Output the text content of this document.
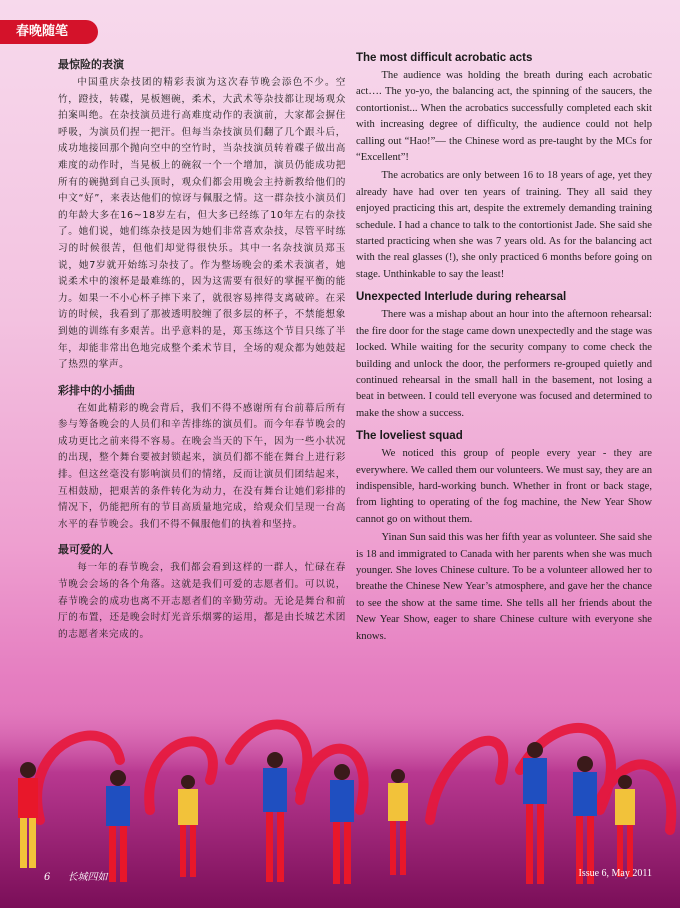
春晚随笔
最惊险的表演

中国重庆杂技团的精彩表演为这次春节晚会添色不少。空竹，蹬技，转碟，晃板翘碗，柔术，大武术等杂技都让现场观众拍案叫绝。在杂技演员进行高难度动作的表演前，大家都会摒住呼吸，为演员们捏一把汗。但每当杂技演员们翻了几个跟斗后，成功地接回那个抛向空中的空竹时，当杂技演员转着碟子做出高难度的动作时，当晃板上的碗叙一个一个增加，演员仍能成功把所有的碗抛到自己头顶时，观众们都会用晚会主持新教给他们的中文“好”，来表达他们的惊讶与佩服之情。这一群杂技小演员们的年龄大多在16~18岁左右，但大多已经练了10年左右的杂技了。她们说，她们练杂技是因为她们非常喜欢杂技，尽管平时练习的时候很苦，但他们却觉得很快乐。其中一名杂技演员郑玉说，她7岁就开始练习杂技了。作为整场晚会的柔术表演者，她说柔术中的滚杯是最难练的，因为这需要有很好的掌握平衡的能力。如果一不小心杯子摔下来了，就很容易摔得支离破碎。在采访的时候，我看到了那被透明胶缠了很多层的杯子，不禁能想象到她的训练有多艰苦。出乎意料的是，郑玉练这个节目只练了半年，却能非常出色地完成整个柔术节目，全场的观众都为她鼓起了热烈的掌声。

彩排中的小插曲

在如此精彩的晚会背后，我们不得不感谢所有台前幕后所有参与筹备晚会的人员们和辛苦排练的演员们。而今年春节晚会的成功更比之前来得不容易。在晚会当天的下午，因为一些小状况的出现，整个舞台要被封锁起来，演员们都不能在舞台上进行彩排。但这丝毫没有影响演员们的情绪，反而让演员们团结起来，互相鼓励，把艰苦的条件转化为动力，在没有舞台让她们彩排的情况下，仍能把所有的节目高质量地完成，给观众们呈现一台高水平的春节晚会。我们不得不佩服他们的执着和坚持。

最可爱的人

每一年的春节晚会，我们都会看到这样的一群人，忙碌在春节晚会会场的各个角落。这就是我们可爱的志愿者们。可以说，春节晚会的成功也离不开志愿者们的辛勤劳动。无论是舞台和前厅的布置，还是晚会时灯光音乐烟雾的运用，都是由长城艺术团的志愿者来完成的。

The most difficult acrobatic acts

The audience was holding the breath during each acrobatic act…. The yo-yo, the balancing act, the spinning of the saucers, the contortionist... When the acrobatics successfully completed each skit with increasing degree of difficulty, the audience could not help calling out “Hao!”— the Chinese word as pre-taught by the MCs for “Excellent”!

The acrobatics are only between 16 to 18 years of age, yet they already have had over ten years of training. They all said they enjoyed practicing this art, despite the extremely demanding training schedule. I had a chance to talk to the contortionist Jade. She said she started practicing when she was 7 years old. As for the balancing act with the real glasses (!), she only practiced 6 months before going on stage. Unthinkable to say the least!

Unexpected Interlude during rehearsal

There was a mishap about an hour into the afternoon rehearsal: the fire door for the stage came down unexpectedly and the stage was locked. While waiting for the security company to come check the building and unlock the door, the performers re-grouped quietly and continued rehearsal in the small hall in the basement, not losing a beat in between. I could tell everyone was focused and determined to make the show a success.

The loveliest squad

We noticed this group of people every year - they are everywhere. We called them our volunteers. We must say, they are an indispensible, hard-working bunch. Whether in front or back stage, from lighting to operating of the fog machine, the New Year Show cannot go on without them.

Yinan Sun said this was her fifth year as volunteer. She said she is 18 and immigrated to Canada with her parents when she was much younger. She loves Chinese culture. To be a volunteer allowed her to breathe the Chinese New Year’s atmosphere, and gave her the chance to see the show at the same time. She tells all her friends about the New Year Show, eager to share Chinese culture with everyone she knows.

6 长城四如	Issue 6, May 2011
